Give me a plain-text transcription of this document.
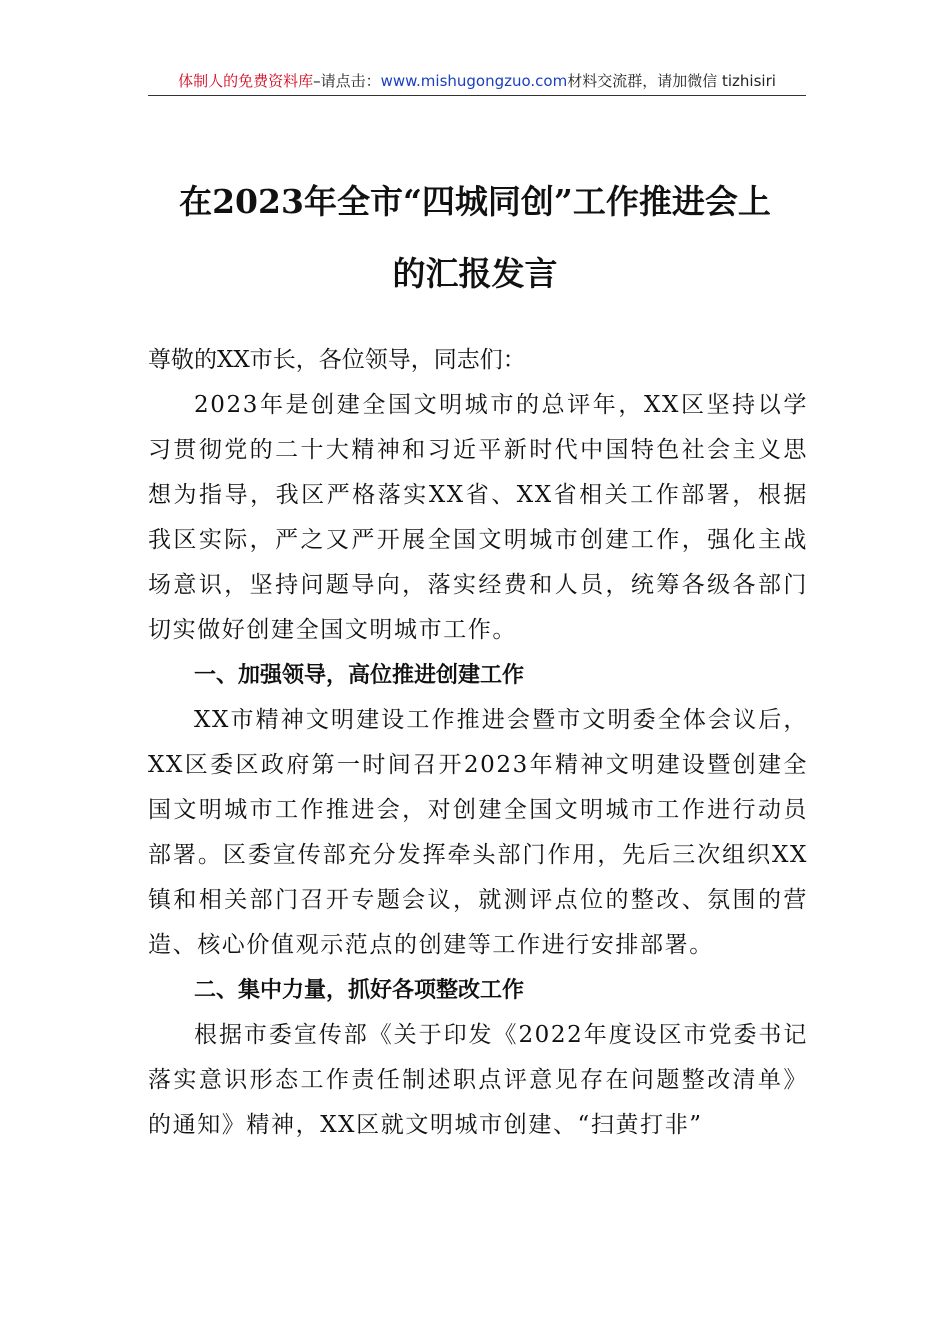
体制人的免费资料库–请点击：www.mishugongzuo.com材料交流群，请加微信 tizhisiri
在2023年全市“四城同创”工作推进会上
的汇报发言

尊敬的XX市长，各位领导，同志们：

2023年是创建全国文明城市的总评年，XX区坚持以学习贯彻党的二十大精神和习近平新时代中国特色社会主义思想为指导，我区严格落实XX省、XX省相关工作部署，根据我区实际，严之又严开展全国文明城市创建工作，强化主战场意识，坚持问题导向，落实经费和人员，统筹各级各部门切实做好创建全国文明城市工作。

一、加强领导，高位推进创建工作

XX市精神文明建设工作推进会暨市文明委全体会议后，XX区委区政府第一时间召开2023年精神文明建设暨创建全国文明城市工作推进会，对创建全国文明城市工作进行动员部署。区委宣传部充分发挥牵头部门作用，先后三次组织XX镇和相关部门召开专题会议，就测评点位的整改、氛围的营造、核心价值观示范点的创建等工作进行安排部署。

二、集中力量，抓好各项整改工作

根据市委宣传部《关于印发《2022年度设区市党委书记落实意识形态工作责任制述职点评意见存在问题整改清单》的通知》精神，XX区就文明城市创建、“扫黄打非”
